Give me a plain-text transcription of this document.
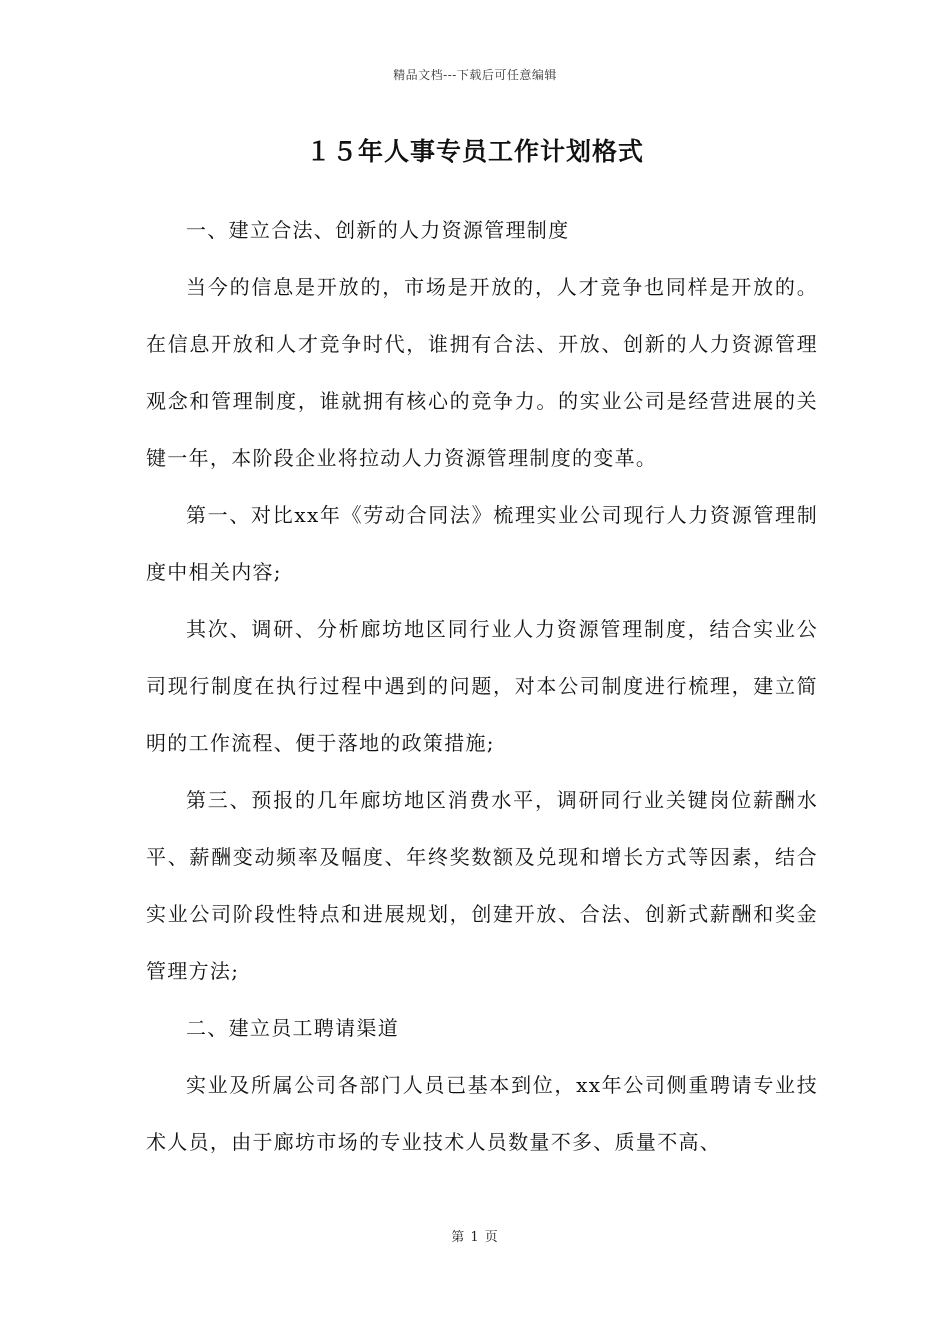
精品文档---下载后可任意编辑
１５年人事专员工作计划格式

一、建立合法、创新的人力资源管理制度

当今的信息是开放的，市场是开放的，人才竞争也同样是开放的。在信息开放和人才竞争时代，谁拥有合法、开放、创新的人力资源管理观念和管理制度，谁就拥有核心的竞争力。的实业公司是经营进展的关键一年，本阶段企业将拉动人力资源管理制度的变革。

第一、对比xx年《劳动合同法》梳理实业公司现行人力资源管理制度中相关内容;

其次、调研、分析廊坊地区同行业人力资源管理制度，结合实业公司现行制度在执行过程中遇到的问题，对本公司制度进行梳理，建立简明的工作流程、便于落地的政策措施;

第三、预报的几年廊坊地区消费水平，调研同行业关键岗位薪酬水平、薪酬变动频率及幅度、年终奖数额及兑现和增长方式等因素，结合实业公司阶段性特点和进展规划，创建开放、合法、创新式薪酬和奖金管理方法;

二、建立员工聘请渠道

实业及所属公司各部门人员已基本到位，xx年公司侧重聘请专业技术人员，由于廊坊市场的专业技术人员数量不多、质量不高、

第 1 页
